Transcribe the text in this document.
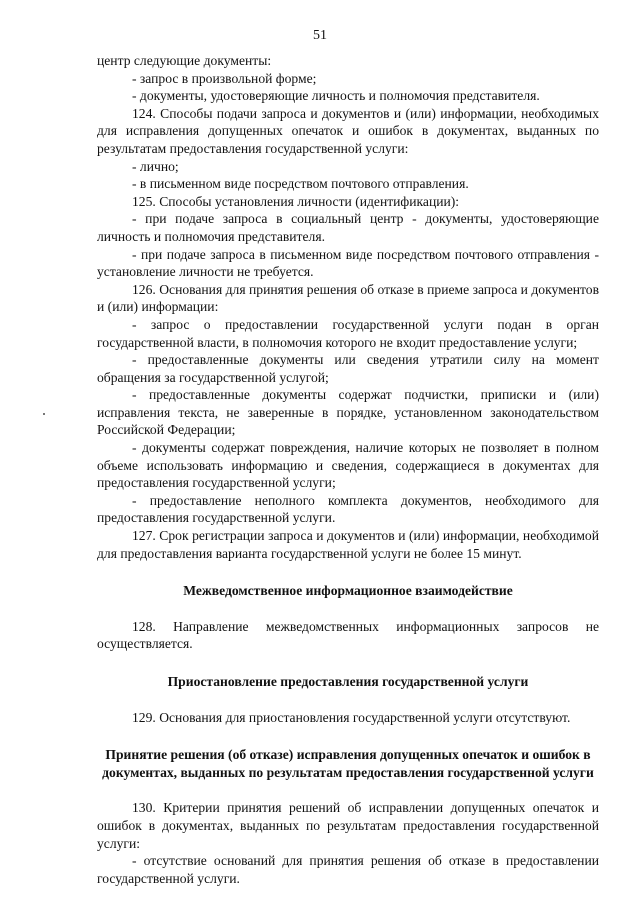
51

центр следующие документы:

- запрос в произвольной форме;

- документы, удостоверяющие личность и полномочия представителя.

124. Способы подачи запроса и документов и (или) информации, необходимых для исправления допущенных опечаток и ошибок в документах, выданных по результатам предоставления государственной услуги:

- лично;

- в письменном виде посредством почтового отправления.

125. Способы установления личности (идентификации):

- при подаче запроса в социальный центр - документы, удостоверяющие личность и полномочия представителя.

- при подаче запроса в письменном виде посредством почтового отправления - установление личности не требуется.

126. Основания для принятия решения об отказе в приеме запроса и документов и (или) информации:

- запрос о предоставлении государственной услуги подан в орган государственной власти, в полномочия которого не входит предоставление услуги;

- предоставленные документы или сведения утратили силу на момент обращения за государственной услугой;

- предоставленные документы содержат подчистки, приписки и (или) исправления текста, не заверенные в порядке, установленном законодательством Российской Федерации;

- документы содержат повреждения, наличие которых не позволяет в полном объеме использовать информацию и сведения, содержащиеся в документах для предоставления государственной услуги;

- предоставление неполного комплекта документов, необходимого для предоставления государственной услуги.

127. Срок регистрации запроса и документов и (или) информации, необходимой для предоставления варианта государственной услуги не более 15 минут.

Межведомственное информационное взаимодействие

128. Направление межведомственных информационных запросов не осуществляется.

Приостановление предоставления государственной услуги

129. Основания для приостановления государственной услуги отсутствуют.

Принятие решения (об отказе) исправления допущенных опечаток и ошибок в документах, выданных по результатам предоставления государственной услуги

130. Критерии принятия решений об исправлении допущенных опечаток и ошибок в документах, выданных по результатам предоставления государственной услуги:

- отсутствие оснований для принятия решения об отказе в предоставлении государственной услуги.
